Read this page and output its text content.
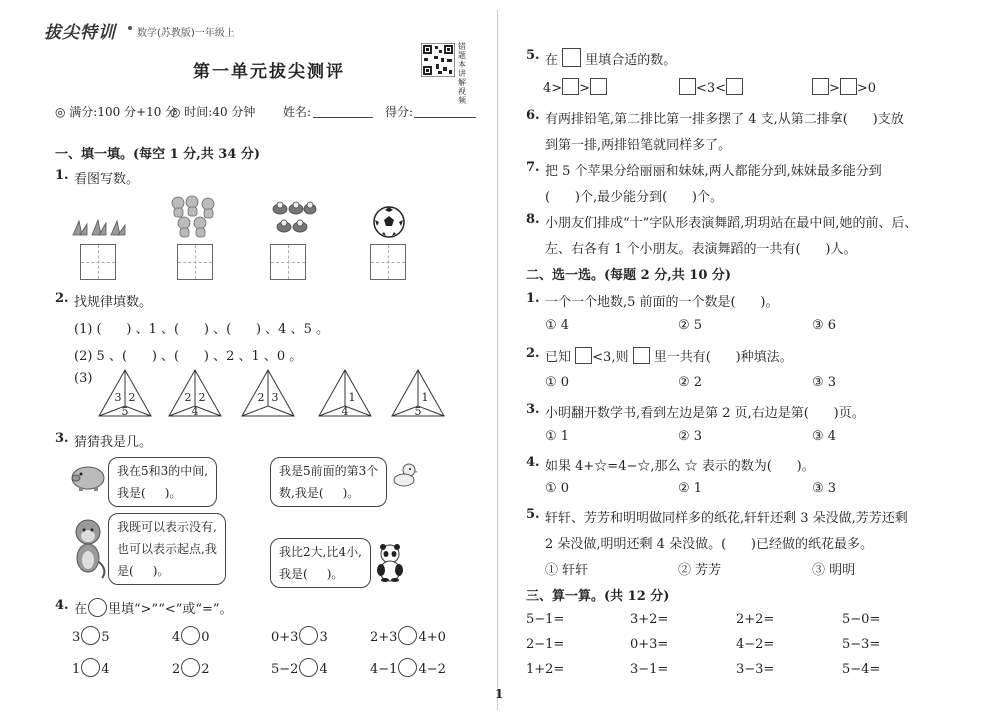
拔尖特训 数学(苏教版)一年级上
第一单元拔尖测评
错题本讲解视频
◎ 满分:100 分+10 分
◎ 时间:40 分钟 姓名:	得分:
一、填一填。(每空 1 分,共 34 分)
1. 看图写数。
2. 找规律填数。
(1) (      ) 、1 、(      ) 、(      ) 、4 、5 。
(2) 5 、(      ) 、(      ) 、2 、1 、0 。
(3)
3 2
5
2 2
4
2 3	1
4
1
5
3. 猜猜我是几。
我在5和3的中间,
我是(     )。
我是5前面的第3个
数,我是(     )。
我既可以表示没有,
也可以表示起点,我
是(     )。
我比2大,比4小,
我是(     )。
4. 在 里填“>”“<”或“=”。
3 5	4 0	0+3 3	2+3 4+0
1 4	2 2	5−2 4	4−1 4−2
5. 在 里填合适的数。
4> >	<3<	> >0
6. 有两排铅笔,第二排比第一排多摆了 4 支,从第二排拿(      )支放
到第一排,两排铅笔就同样多了。
7. 把 5 个苹果分给丽丽和妹妹,两人都能分到,妹妹最多能分到
(      )个,最少能分到(      )个。
8. 小朋友们排成“十”字队形表演舞蹈,玥玥站在最中间,她的前、后、
左、右各有 1 个小朋友。表演舞蹈的一共有(      )人。
二、选一选。(每题 2 分,共 10 分)
1. 一个一个地数,5 前面的一个数是(      )。
① 4	② 5	③ 6
2. 已知 <3,则 里一共有(      )种填法。
① 0	② 2	③ 3
3. 小明翻开数学书,看到左边是第 2 页,右边是第(      )页。
① 1	② 3	③ 4
4. 如果 4+☆=4−☆,那么 ☆ 表示的数为(      )。
① 0	② 1	③ 3
5. 轩轩、芳芳和明明做同样多的纸花,轩轩还剩 3 朵没做,芳芳还剩
2 朵没做,明明还剩 4 朵没做。(      )已经做的纸花最多。
① 轩轩	② 芳芳	③ 明明
三、算一算。(共 12 分)
5−1=	3+2=	2+2=	5−0=
2−1=	0+3=	4−2=	5−3=
1+2=	3−1=	3−3=	5−4=
1
